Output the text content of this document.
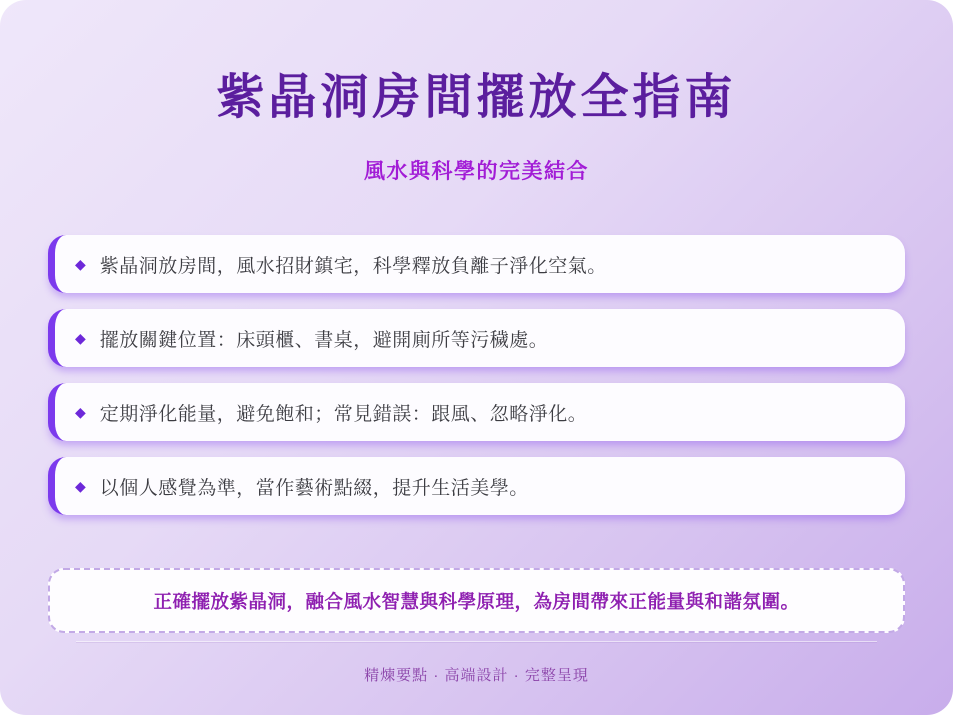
紫晶洞房間擺放全指南
風水與科學的完美結合
◆ 紫晶洞放房間，風水招財鎮宅，科學釋放負離子淨化空氣。
◆ 擺放關鍵位置：床頭櫃、書桌，避開廁所等污穢處。
◆ 定期淨化能量，避免飽和；常見錯誤：跟風、忽略淨化。
◆ 以個人感覺為準，當作藝術點綴，提升生活美學。
正確擺放紫晶洞，融合風水智慧與科學原理，為房間帶來正能量與和諧氛圍。
精煉要點 · 高端設計 · 完整呈現
